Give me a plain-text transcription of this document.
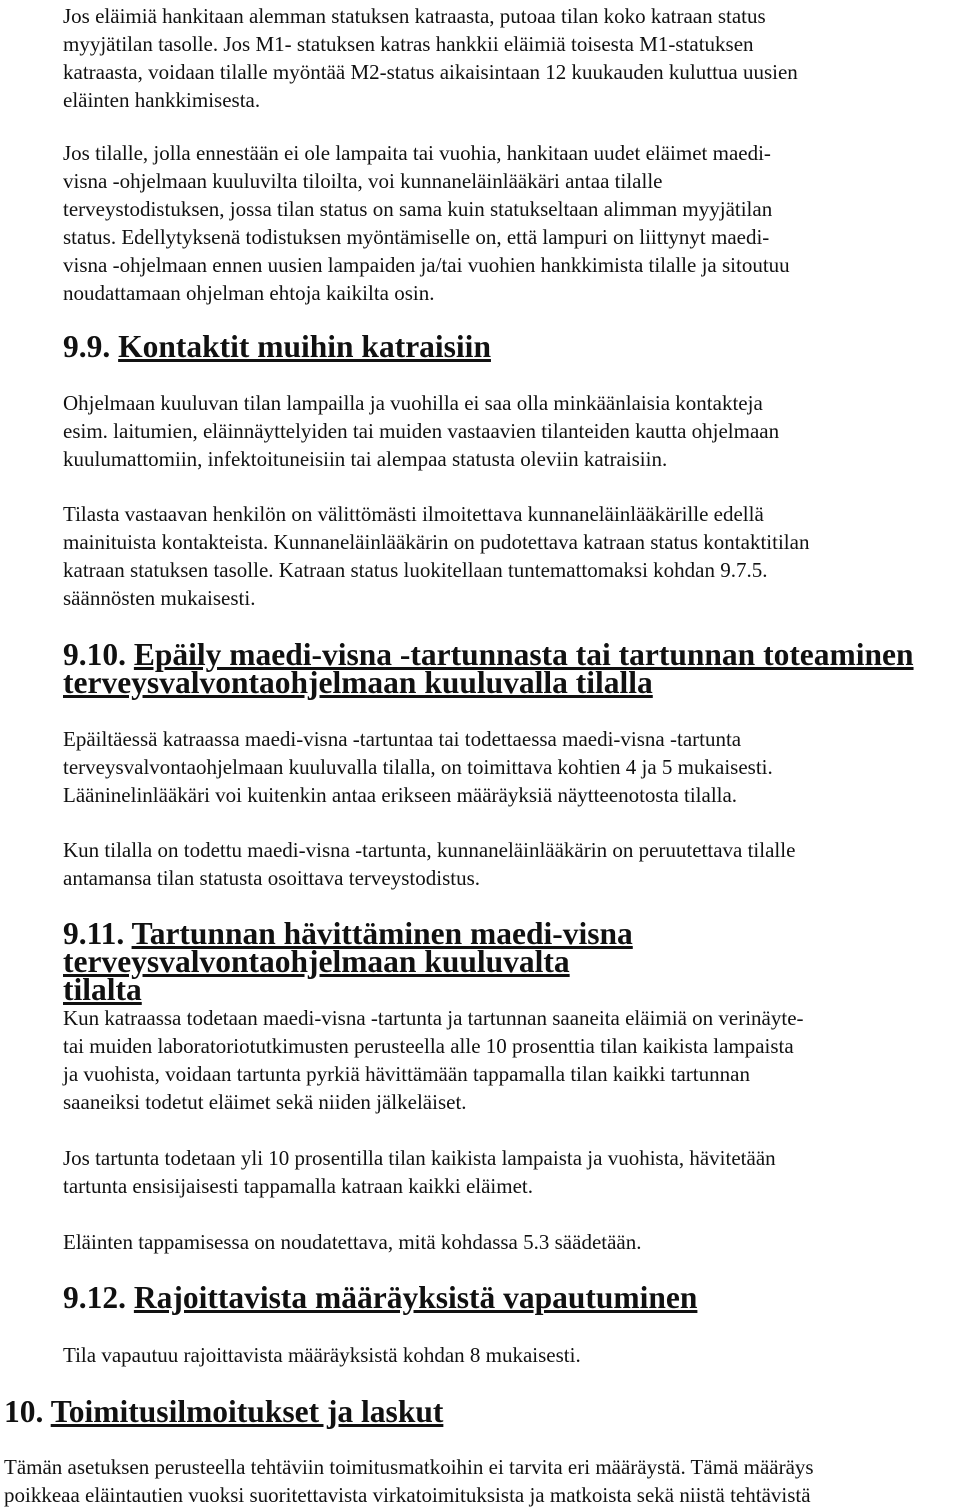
Jos eläimiä hankitaan alemman statuksen katraasta, putoaa tilan koko katraan status
myyjätilan tasolle. Jos M1- statuksen katras hankkii eläimiä toisesta M1-statuksen
katraasta, voidaan tilalle myöntää M2-status aikaisintaan 12 kuukauden kuluttua uusien
eläinten hankkimisesta.

Jos tilalle, jolla ennestään ei ole lampaita tai vuohia, hankitaan uudet eläimet maedi-
visna -ohjelmaan kuuluvilta tiloilta, voi kunnaneläinlääkäri antaa tilalle
terveystodistuksen, jossa tilan status on sama kuin statukseltaan alimman myyjätilan
status. Edellytyksenä todistuksen myöntämiselle on, että lampuri on liittynyt maedi-
visna -ohjelmaan ennen uusien lampaiden ja/tai vuohien hankkimista tilalle ja sitoutuu
noudattamaan ohjelman ehtoja kaikilta osin.

9.9. Kontaktit muihin katraisiin

Ohjelmaan kuuluvan tilan lampailla ja vuohilla ei saa olla minkäänlaisia kontakteja
esim. laitumien, eläinnäyttelyiden tai muiden vastaavien tilanteiden kautta ohjelmaan
kuulumattomiin, infektoituneisiin tai alempaa statusta oleviin katraisiin.

Tilasta vastaavan henkilön on välittömästi ilmoitettava kunnaneläinlääkärille edellä
mainituista kontakteista. Kunnaneläinlääkärin on pudotettava katraan status kontaktitilan
katraan statuksen tasolle. Katraan status luokitellaan tuntemattomaksi kohdan 9.7.5.
säännösten mukaisesti.

9.10. Epäily maedi-visna -tartunnasta tai tartunnan toteaminen
terveysvalvontaohjelmaan kuuluvalla tilalla

Epäiltäessä katraassa maedi-visna -tartuntaa tai todettaessa maedi-visna -tartunta
terveysvalvontaohjelmaan kuuluvalla tilalla, on toimittava kohtien 4 ja 5 mukaisesti.
Lääninelinlääkäri voi kuitenkin antaa erikseen määräyksiä näytteenotosta tilalla.

Kun tilalla on todettu maedi-visna -tartunta, kunnaneläinlääkärin on peruutettava tilalle
antamansa tilan statusta osoittava terveystodistus.

9.11. Tartunnan hävittäminen maedi-visna terveysvalvontaohjelmaan kuuluvalta
tilalta

Kun katraassa todetaan maedi-visna -tartunta ja tartunnan saaneita eläimiä on verinäyte-
tai muiden laboratoriotutkimusten perusteella alle 10 prosenttia tilan kaikista lampaista
ja vuohista, voidaan tartunta pyrkiä hävittämään tappamalla tilan kaikki tartunnan
saaneiksi todetut eläimet sekä niiden jälkeläiset.

Jos tartunta todetaan yli 10 prosentilla tilan kaikista lampaista ja vuohista, hävitetään
tartunta ensisijaisesti tappamalla katraan kaikki eläimet.

Eläinten tappamisessa on noudatettava, mitä kohdassa 5.3 säädetään.

9.12. Rajoittavista määräyksistä vapautuminen

Tila vapautuu rajoittavista määräyksistä kohdan 8 mukaisesti.

10. Toimitusilmoitukset ja laskut

Tämän asetuksen perusteella tehtäviin toimitusmatkoihin ei tarvita eri määräystä. Tämä määräys
poikkeaa eläintautien vuoksi suoritettavista virkatoimituksista ja matkoista sekä niistä tehtävistä
